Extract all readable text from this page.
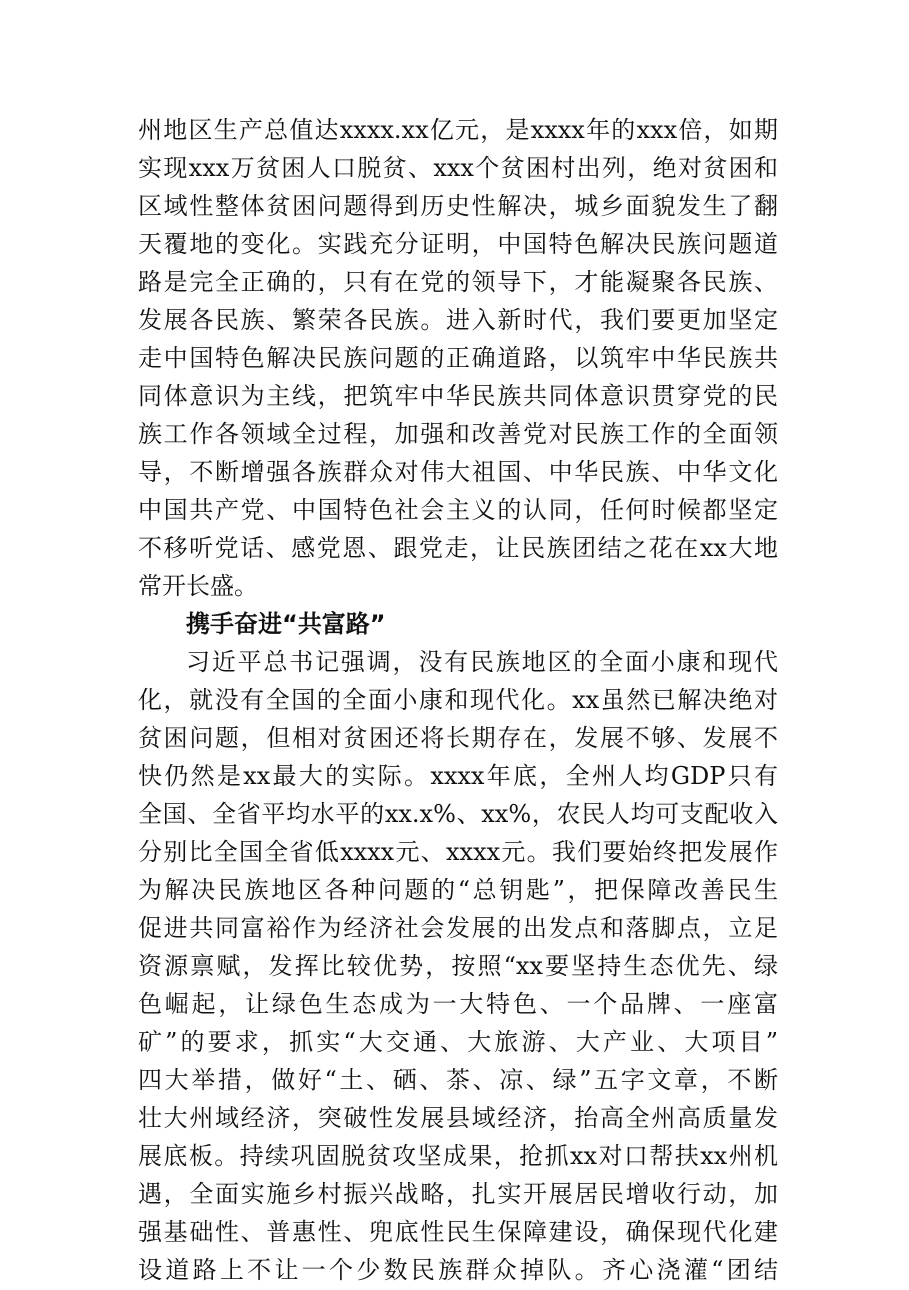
州地区生产总值达xxxx.xx亿元，是xxxx年的xxx倍，如期
实现xxx万贫困人口脱贫、xxx个贫困村出列，绝对贫困和
区域性整体贫困问题得到历史性解决，城乡面貌发生了翻
天覆地的变化。实践充分证明，中国特色解决民族问题道
路是完全正确的，只有在党的领导下，才能凝聚各民族、
发展各民族、繁荣各民族。进入新时代，我们要更加坚定
走中国特色解决民族问题的正确道路，以筑牢中华民族共
同体意识为主线，把筑牢中华民族共同体意识贯穿党的民
族工作各领域全过程，加强和改善党对民族工作的全面领
导，不断增强各族群众对伟大祖国、中华民族、中华文化
中国共产党、中国特色社会主义的认同，任何时候都坚定
不移听党话、感党恩、跟党走，让民族团结之花在xx大地
常开长盛。
携手奋进“共富路”
习近平总书记强调，没有民族地区的全面小康和现代
化，就没有全国的全面小康和现代化。xx虽然已解决绝对
贫困问题，但相对贫困还将长期存在，发展不够、发展不
快仍然是xx最大的实际。xxxx年底，全州人均GDP只有
全国、全省平均水平的xx.x%、xx%，农民人均可支配收入
分别比全国全省低xxxx元、xxxx元。我们要始终把发展作
为解决民族地区各种问题的“总钥匙”，把保障改善民生
促进共同富裕作为经济社会发展的出发点和落脚点，立足
资源禀赋，发挥比较优势，按照“xx要坚持生态优先、绿
色崛起，让绿色生态成为一大特色、一个品牌、一座富
矿”的要求，抓实“大交通、大旅游、大产业、大项目”
四大举措，做好“土、硒、茶、凉、绿”五字文章，不断
壮大州域经济，突破性发展县域经济，抬高全州高质量发
展底板。持续巩固脱贫攻坚成果，抢抓xx对口帮扶xx州机
遇，全面实施乡村振兴战略，扎实开展居民增收行动，加
强基础性、普惠性、兜底性民生保障建设，确保现代化建
设道路上不让一个少数民族群众掉队。齐心浇灌“团结
